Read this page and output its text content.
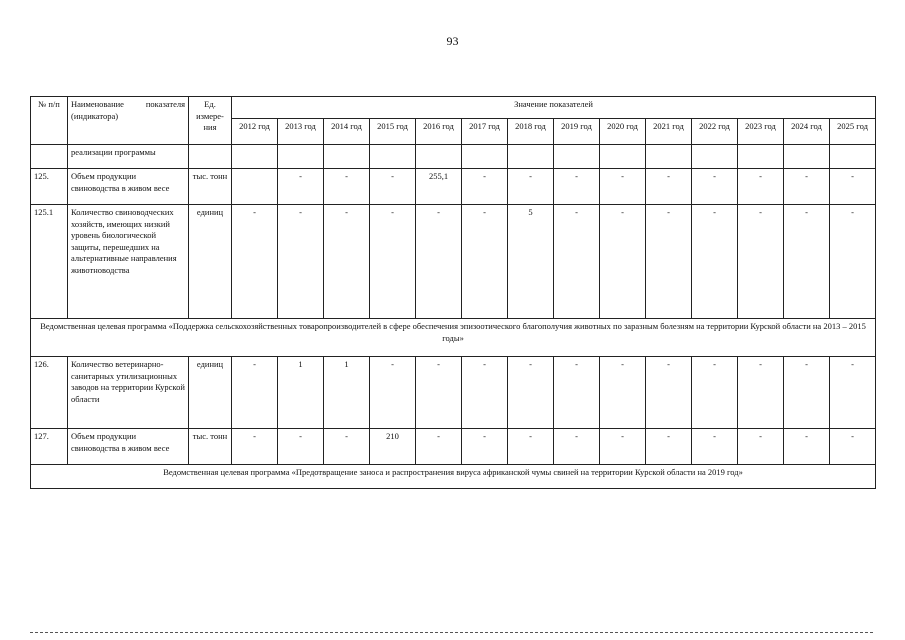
93
№ п/п	Наименование показателя (индикатора)	Ед. измере-ния	Значение показателей													
			2012 год	2013 год	2014 год	2015 год	2016 год	2017 год	2018 год	2019 год	2020 год	2021 год	2022 год	2023 год	2024 год	2025 год
	реализации программы															
125.	Объем продукции свиноводства в живом весе	тыс. тонн		-	-	-	255,1	-	-	-	-	-	-	-	-	-
125.1	Количество свиноводческих хозяйств, имеющих низкий уровень биологической защиты, перешедших на альтернативные направления животноводства	единиц	-	-	-	-	-	-	5	-	-	-	-	-	-	-
Ведомственная целевая программа «Поддержка сельскохозяйственных товаропроизводителей в сфере обеспечения эпизоотического благополучия животных по заразным болезням на территории Курской области на 2013 – 2015 годы»																
126.	Количество ветеринарно-санитарных утилизационных заводов на территории Курской области	единиц	-	1	1	-	-	-	-	-	-	-	-	-	-	-
127.	Объем продукции свиноводства в живом весе	тыс. тонн	-	-	-	210	-	-	-	-	-	-	-	-	-	-
Ведомственная целевая программа «Предотвращение заноса и распространения вируса африканской чумы свиней на территории Курской области на 2019 год»																
